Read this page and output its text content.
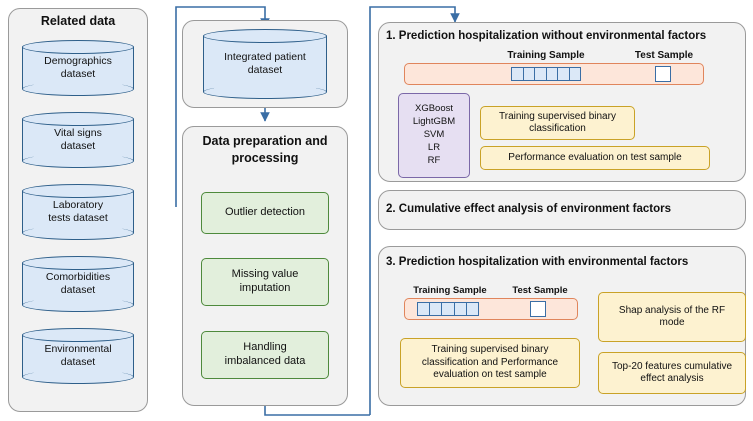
Related data
Demographics
dataset
Vital signs
dataset
Laboratory
tests dataset
Comorbidities
dataset
Environmental
dataset
Integrated patient
dataset
Data preparation and
processing
Outlier detection
Missing value
imputation
Handling
imbalanced data
1. Prediction hospitalization without environmental factors
Training Sample	Test Sample
XGBoost
LightGBM
SVM
LR
RF
Training supervised binary
classification
Performance evaluation on test sample
2. Cumulative effect analysis of environment factors
3. Prediction hospitalization with environmental factors
Training Sample	Test Sample
Training supervised binary
classification and Performance
evaluation on test sample
Shap analysis of the RF
mode
Top-20 features cumulative
effect analysis
